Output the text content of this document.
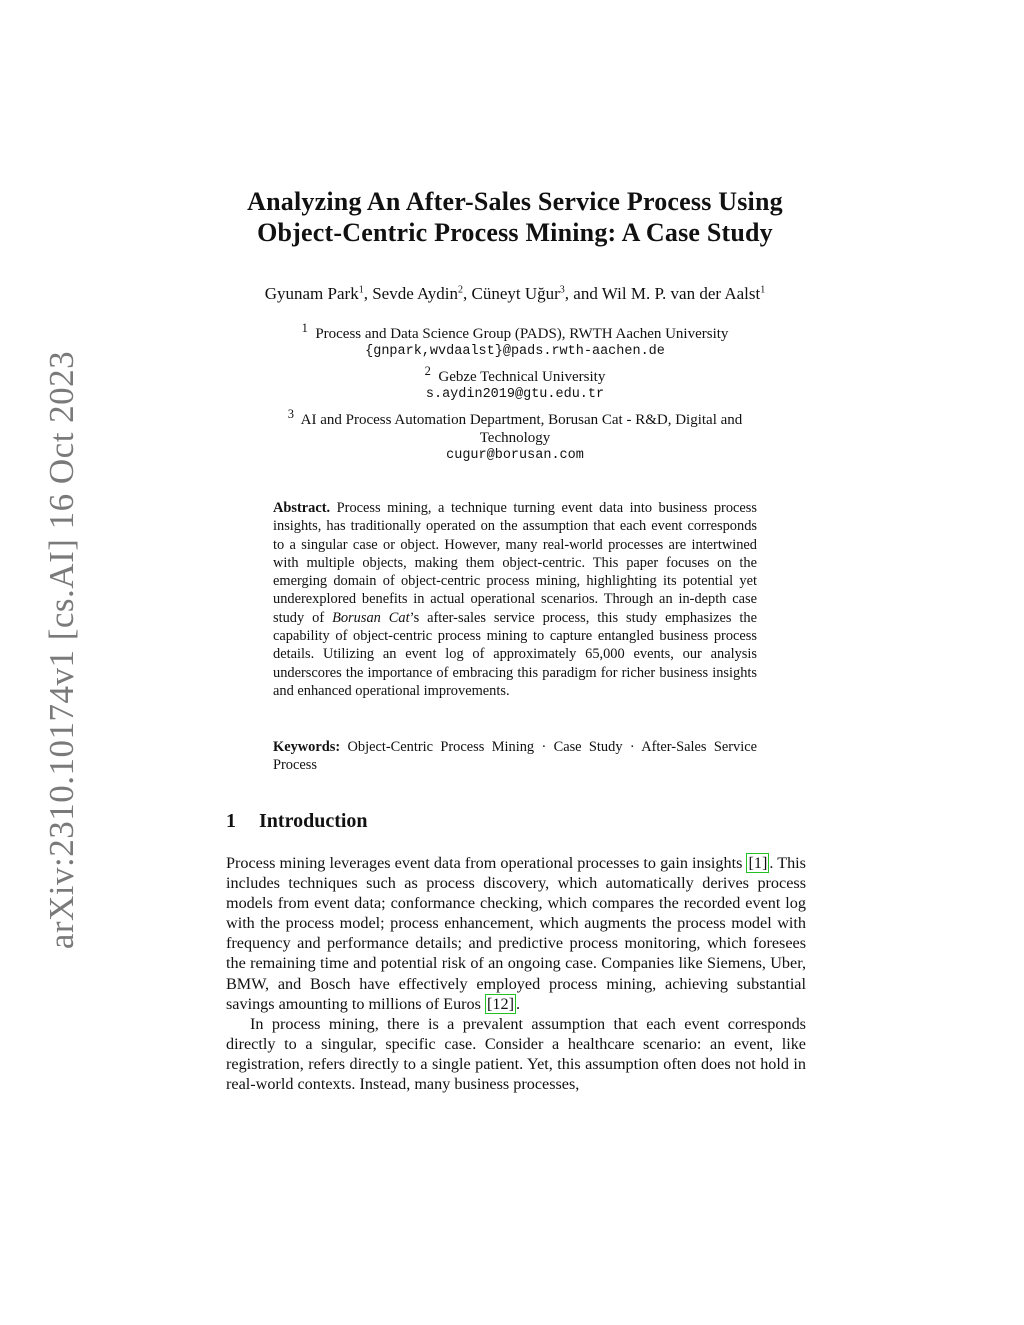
arXiv:2310.10174v1 [cs.AI] 16 Oct 2023
Analyzing An After-Sales Service Process Using
Object-Centric Process Mining: A Case Study
Gyunam Park$^1$, Sevde Aydin$^2$, Cüneyt Uğur$^3$, and Wil M. P. van der Aalst$^1$
$^1$ Process and Data Science Group (PADS), RWTH Aachen University
{gnpark,wvdaalst}@pads.rwth-aachen.de
$^2$ Gebze Technical University
s.aydin2019@gtu.edu.tr
$^3$ AI and Process Automation Department, Borusan Cat - R&D, Digital and
Technology
cugur@borusan.com
Abstract. Process mining, a technique turning event data into business process insights, has traditionally operated on the assumption that each event corresponds to a singular case or object. However, many real-world processes are intertwined with multiple objects, making them object-centric. This paper focuses on the emerging domain of object-centric process mining, highlighting its potential yet underexplored benefits in actual operational scenarios. Through an in-depth case study of Borusan Cat’s after-sales service process, this study emphasizes the capability of object-centric process mining to capture entangled business process details. Utilizing an event log of approximately 65,000 events, our analysis underscores the importance of embracing this paradigm for richer business insights and enhanced operational improvements.
Keywords: Object-Centric Process Mining · Case Study · After-Sales Service Process
1 Introduction

Process mining leverages event data from operational processes to gain insights [1] . This includes techniques such as process discovery, which automatically derives process models from event data; conformance checking, which compares the recorded event log with the process model; process enhancement, which augments the process model with frequency and performance details; and predictive process monitoring, which foresees the remaining time and potential risk of an ongoing case. Companies like Siemens, Uber, BMW, and Bosch have effectively employed process mining, achieving substantial savings amounting to millions of Euros [12] .

In process mining, there is a prevalent assumption that each event corresponds directly to a singular, specific case. Consider a healthcare scenario: an event, like registration, refers directly to a single patient. Yet, this assumption often does not hold in real-world contexts. Instead, many business processes,
